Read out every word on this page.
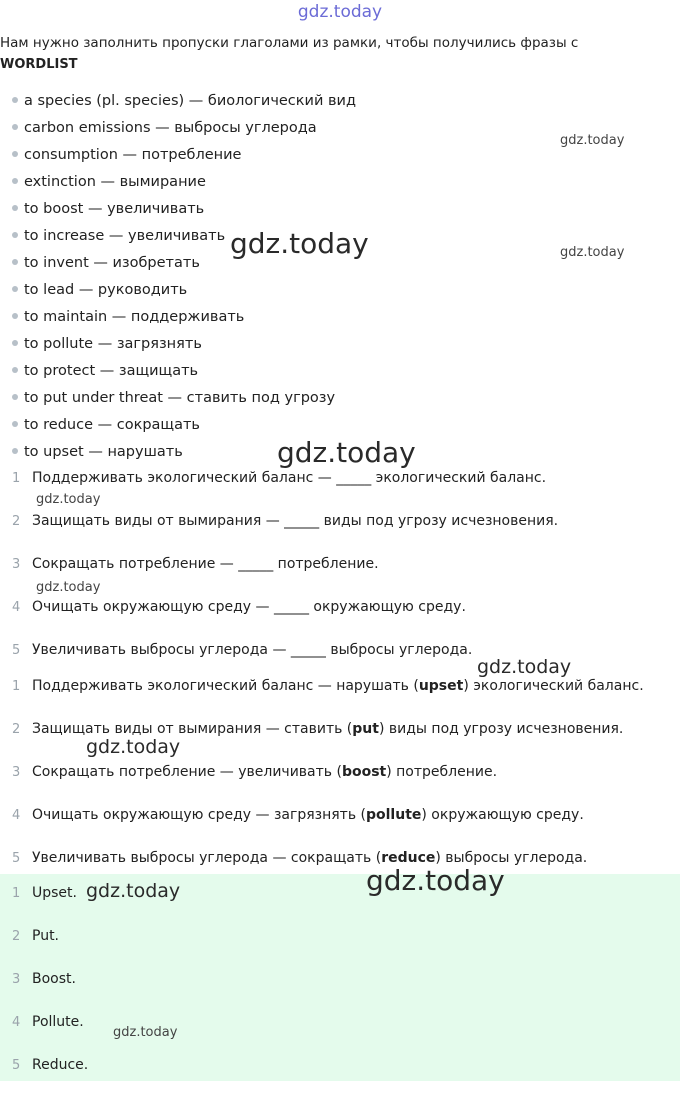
gdz.today
Нам нужно заполнить пропуски глаголами из рамки, чтобы получились фразы с
WORDLIST
a species (pl. species) — биологический вид
carbon emissions — выбросы углерода
consumption — потребление
extinction — вымирание
to boost — увеличивать
to increase — увеличивать
to invent — изобретать
to lead — руководить
to maintain — поддерживать
to pollute — загрязнять
to protect — защищать
to put under threat — ставить под угрозу
to reduce — сокращать
to upset — нарушать
1 Поддерживать экологический баланс — _____ экологический баланс.
2 Защищать виды от вымирания — _____ виды под угрозу исчезновения.
3 Сокращать потребление — _____ потребление.
4 Очищать окружающую среду — _____ окружающую среду.
5 Увеличивать выбросы углерода — _____ выбросы углерода.
1 Поддерживать экологический баланс — нарушать (upset) экологический баланс.
2 Защищать виды от вымирания — ставить (put) виды под угрозу исчезновения.
3 Сокращать потребление — увеличивать (boost) потребление.
4 Очищать окружающую среду — загрязнять (pollute) окружающую среду.
5 Увеличивать выбросы углерода — сокращать (reduce) выбросы углерода.
1 Upset.
2 Put.
3 Boost.
4 Pollute.
5 Reduce.
gdz.today
gdz.today	gdz.today
gdz.today
gdz.today
gdz.today
gdz.today
gdz.today
gdz.today
gdz.today
gdz.today
